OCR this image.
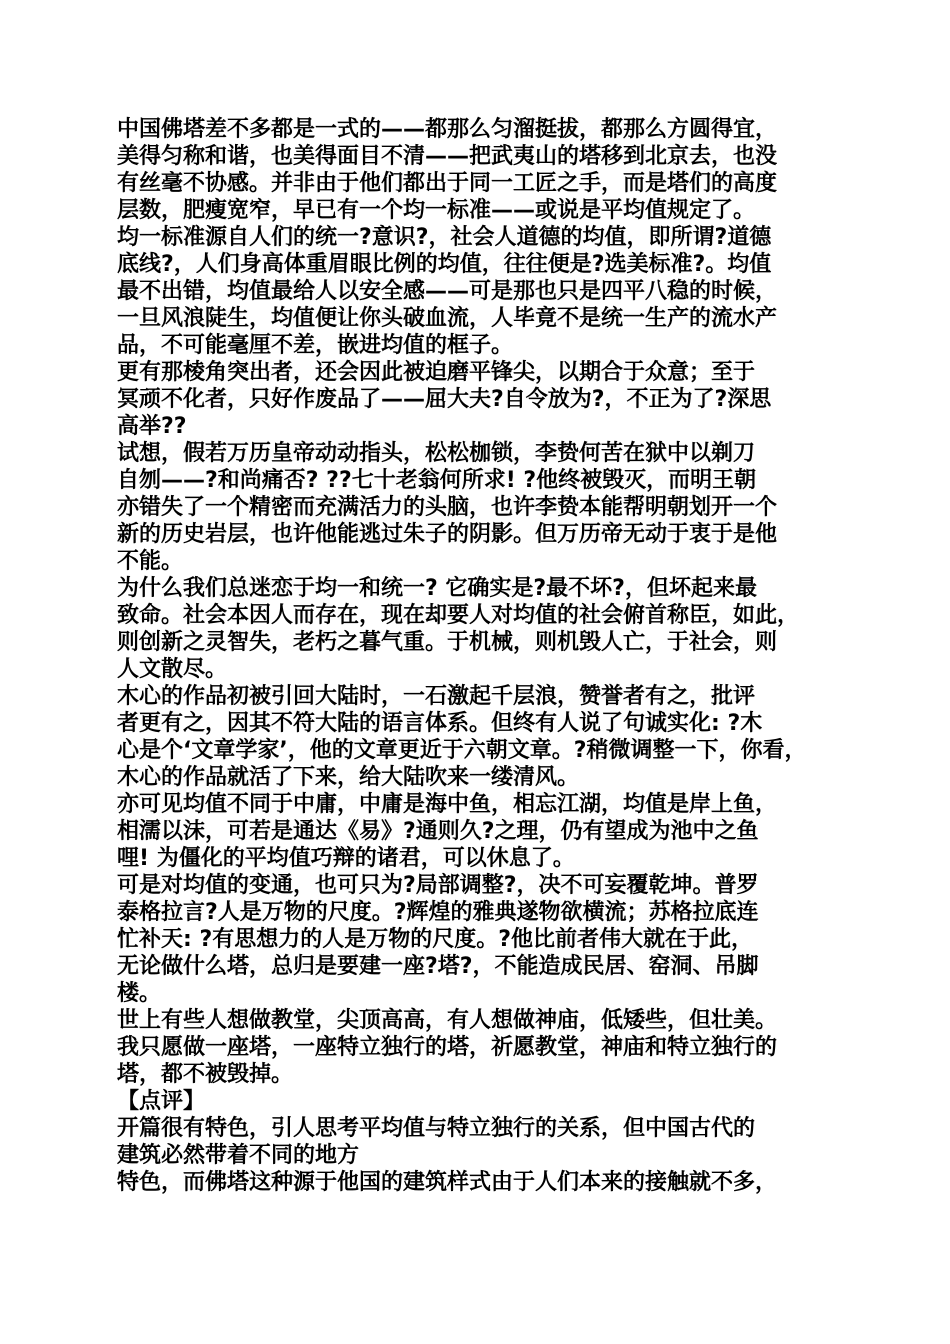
中国佛塔差不多都是一式的——都那么匀溜挺拔，都那么方圆得宜，
美得匀称和谐，也美得面目不清——把武夷山的塔移到北京去，也没
有丝毫不协感。并非由于他们都出于同一工匠之手，而是塔们的高度
层数，肥瘦宽窄，早已有一个均一标准——或说是平均值规定了。
均一标准源自人们的统一?意识?，社会人道德的均值，即所谓?道德
底线?，人们身高体重眉眼比例的均值，往往便是?选美标准?。均值
最不出错，均值最给人以安全感——可是那也只是四平八稳的时候，
一旦风浪陡生，均值便让你头破血流，人毕竟不是统一生产的流水产
品，不可能毫厘不差，嵌进均值的框子。
更有那棱角突出者，还会因此被迫磨平锋尖，以期合于众意；至于
冥顽不化者，只好作废品了——屈大夫?自令放为?，不正为了?深思
高举??
试想，假若万历皇帝动动指头，松松枷锁，李贽何苦在狱中以剃刀
自刎——?和尚痛否? ??七十老翁何所求! ?他终被毁灭，而明王朝
亦错失了一个精密而充满活力的头脑，也许李贽本能帮明朝划开一个
新的历史岩层，也许他能逃过朱子的阴影。但万历帝无动于衷于是他
不能。
为什么我们总迷恋于均一和统一? 它确实是?最不坏?，但坏起来最
致命。社会本因人而存在，现在却要人对均值的社会俯首称臣，如此，
则创新之灵智失，老朽之暮气重。于机械，则机毁人亡，于社会，则
人文散尽。
木心的作品初被引回大陆时，一石激起千层浪，赞誉者有之，批评
者更有之，因其不符大陆的语言体系。但终有人说了句诚实化: ?木
心是个‘文章学家’，他的文章更近于六朝文章。?稍微调整一下，你看，
木心的作品就活了下来，给大陆吹来一缕清风。
亦可见均值不同于中庸，中庸是海中鱼，相忘江湖，均值是岸上鱼，
相濡以沫，可若是通达《易》?通则久?之理，仍有望成为池中之鱼
哩! 为僵化的平均值巧辩的诸君，可以休息了。
可是对均值的变通，也可只为?局部调整?，决不可妄覆乾坤。普罗
泰格拉言?人是万物的尺度。?辉煌的雅典遂物欲横流；苏格拉底连
忙补天: ?有思想力的人是万物的尺度。?他比前者伟大就在于此，
无论做什么塔，总归是要建一座?塔?，不能造成民居、窑洞、吊脚
楼。
世上有些人想做教堂，尖顶高高，有人想做神庙，低矮些，但壮美。
我只愿做一座塔，一座特立独行的塔，祈愿教堂，神庙和特立独行的
塔，都不被毁掉。
【点评】
开篇很有特色，引人思考平均值与特立独行的关系，但中国古代的
建筑必然带着不同的地方
特色，而佛塔这种源于他国的建筑样式由于人们本来的接触就不多，
